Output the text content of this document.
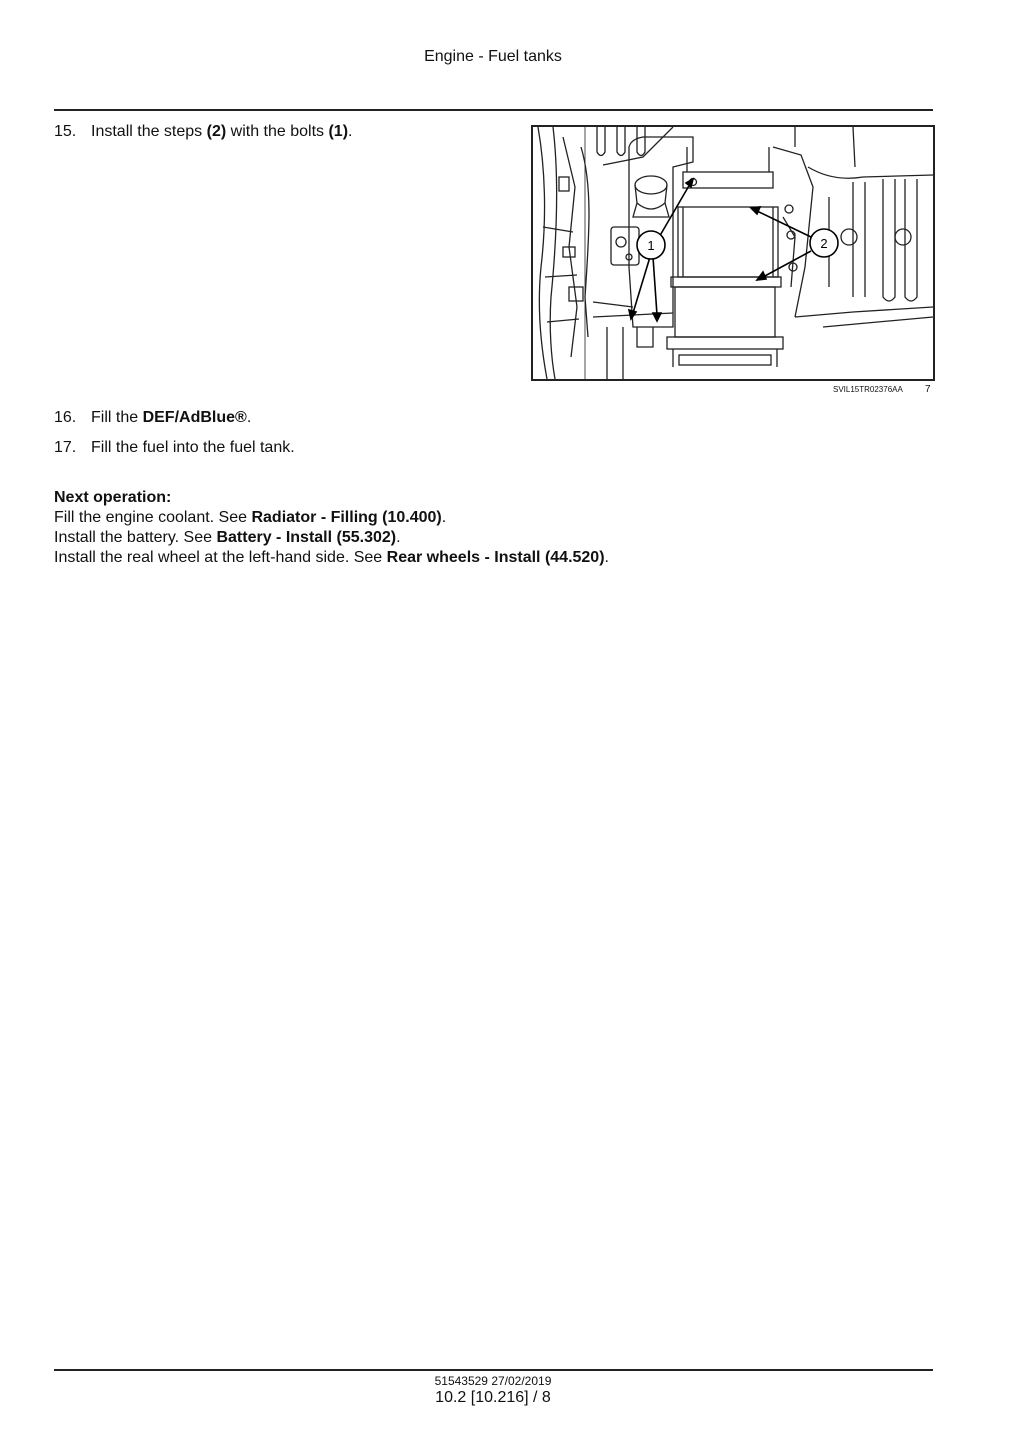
Engine - Fuel tanks
15. Install the steps (2) with the bolts (1).
1	2
SVIL15TR02376AA 7
16. Fill the DEF/AdBlue®.
17. Fill the fuel into the fuel tank.

Next operation:

Fill the engine coolant. See Radiator - Filling (10.400).

Install the battery. See Battery - Install (55.302).

Install the real wheel at the left-hand side. See Rear wheels - Install (44.520).

51543529 27/02/2019
10.2 [10.216] / 8
